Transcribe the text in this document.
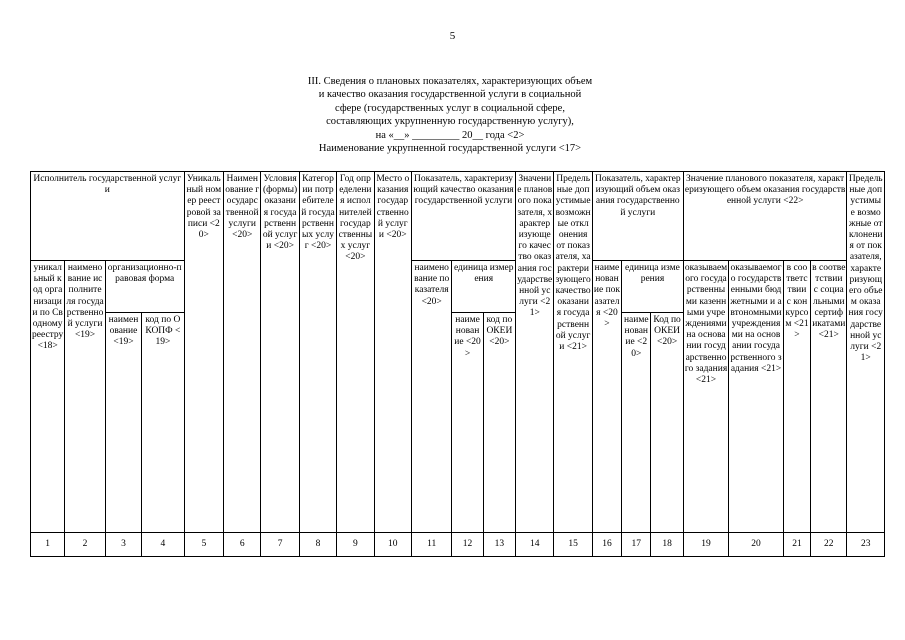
5
III. Сведения о плановых показателях, характеризующих объем
и качество оказания государственной услуги в социальной
сфере (государственных услуг в социальной сфере,
составляющих укрупненную государственную услугу),
на «__» _________ 20__ года <2>
Наименование укрупненной государственной услуги <17>
Исполнитель государственной услуги				Уникальный номер реестровой записи <20>	Наименование государственной услуги <20>	Условия (формы) оказания государственной услуги <20>	Категории потребителей государственных услуг <20>	Год определения исполнителей государственных услуг <20>	Место оказания государственной услуги <20>	Показатель, характеризующий качество оказания государственной услуги			Значение планового показателя, характеризующего качество оказания государственной услуги <21>	Предельные допустимые возможные отклонения от показателя, характеризующего качество оказания государственной услуги <21>	Показатель, характеризующий объем оказания государственной услуги			Значение планового показателя, характеризующего объем оказания государственной услуги <22>				Предельные допустимые возможные отклонения от показателя, характеризующего объем оказания государственной услуги <21>
уникальный код организации по Сводному реестру <18>	наименование исполнителя государственной услуги <19>	организационно-правовая форма								наименование показателя <20>	единица измерения				наименование показателя <20>	единица измерения		оказываемого государственными казенными учреждениями на основании государственного задания <21>	оказываемого государственными бюджетными и автономными учреждениями на основании государственного задания <21>	в соответствии с конкурсом <21>	в соответствии с социальными сертификатами <21>	
		наименование <19>	код по ОКОПФ <19>								наименование <20>	код по ОКЕИ <20>				наименование <20>	Код по ОКЕИ <20>					
1	2	3	4	5	6	7	8	9	10	11	12	13	14	15	16	17	18	19	20	21	22	23
